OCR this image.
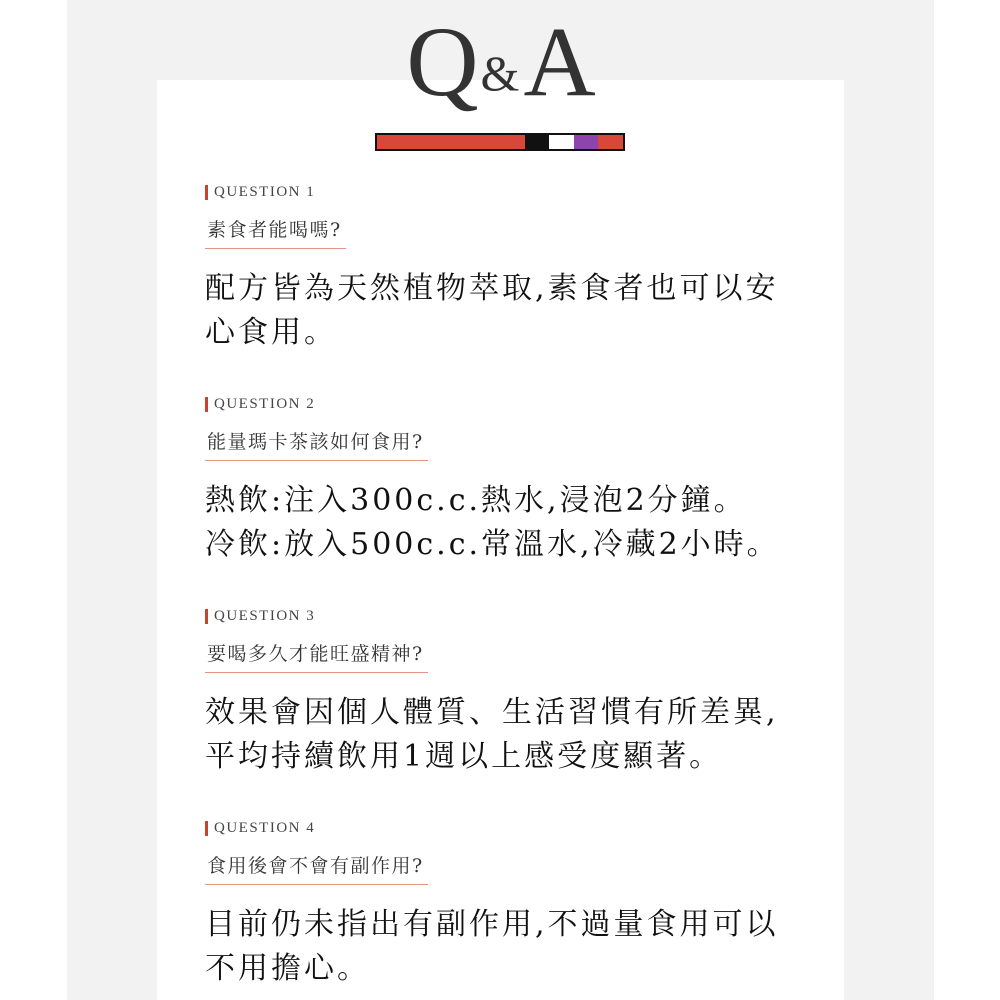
Q & A
QUESTION 1
素食者能喝嗎?
配方皆為天然植物萃取,素食者也可以安
心食用。
QUESTION 2
能量瑪卡茶該如何食用?
熱飲:注入300c.c.熱水,浸泡2分鐘。
冷飲:放入500c.c.常溫水,冷藏2小時。
QUESTION 3
要喝多久才能旺盛精神?
效果會因個人體質、生活習慣有所差異,
平均持續飲用1週以上感受度顯著。
QUESTION 4
食用後會不會有副作用?
目前仍未指出有副作用,不過量食用可以
不用擔心。
